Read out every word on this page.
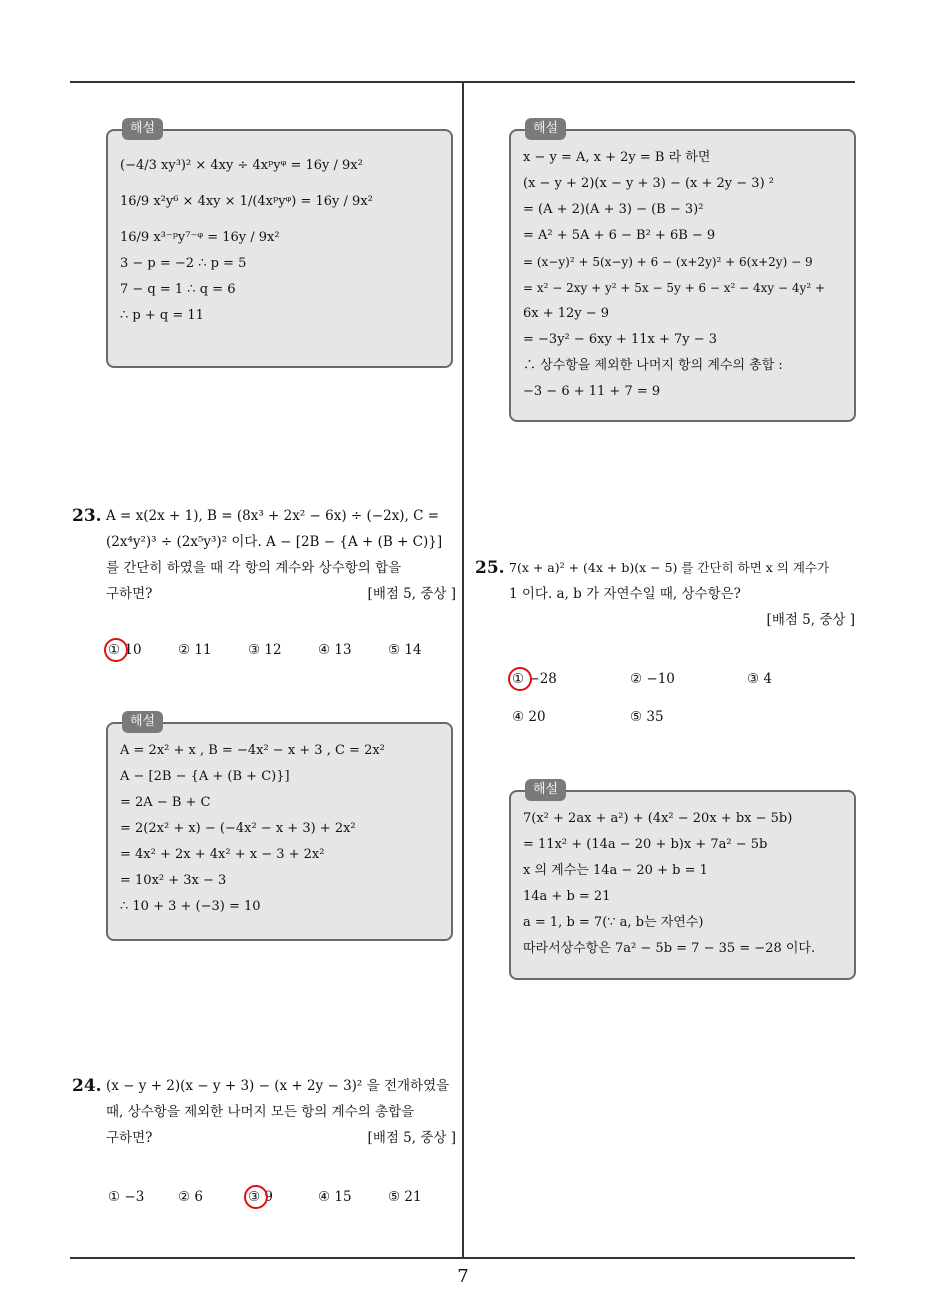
해설
(−4/3 xy³)² × 4xy ÷ 4xᵖyᵠ = 16y / 9x²
16/9 x²y⁶ × 4xy × 1/(4xᵖyᵠ) = 16y / 9x²
16/9 x³⁻ᵖy⁷⁻ᵠ = 16y / 9x²
3 − p = −2 ∴ p = 5
7 − q = 1 ∴ q = 6
∴ p + q = 11
23. A = x(2x + 1), B = (8x³ + 2x² − 6x) ÷ (−2x), C =
(2x⁴y²)³ ÷ (2x⁵y³)² 이다. A − [2B − {A + (B + C)}]
를 간단히 하였을 때 각 항의 계수와 상수항의 합을
구하면?	[배점 5, 중상 ]
① 10	② 11	③ 12	④ 13	⑤ 14
해설
A = 2x² + x , B = −4x² − x + 3 , C = 2x²
A − [2B − {A + (B + C)}]
= 2A − B + C
= 2(2x² + x) − (−4x² − x + 3) + 2x²
= 4x² + 2x + 4x² + x − 3 + 2x²
= 10x² + 3x − 3
∴ 10 + 3 + (−3) = 10
24. (x − y + 2)(x − y + 3) − (x + 2y − 3)² 을 전개하였을
때, 상수항을 제외한 나머지 모든 항의 계수의 총합을
구하면?	[배점 5, 중상 ]
① −3 ② 6	③ 9	④ 15	⑤ 21
해설
x − y = A, x + 2y = B 라 하면
(x − y + 2)(x − y + 3) − (x + 2y − 3) ²
= (A + 2)(A + 3) − (B − 3)²
= A² + 5A + 6 − B² + 6B − 9
= (x−y)² + 5(x−y) + 6 − (x+2y)² + 6(x+2y) − 9
= x² − 2xy + y² + 5x − 5y + 6 − x² − 4xy − 4y² +
6x + 12y − 9
= −3y² − 6xy + 11x + 7y − 3
∴ 상수항을 제외한 나머지 항의 계수의 총합 :
−3 − 6 + 11 + 7 = 9
25. 7(x + a)² + (4x + b)(x − 5) 를 간단히 하면 x 의 계수가
1 이다. a, b 가 자연수일 때, 상수항은?
[배점 5, 중상 ]
① −28	② −10	③ 4
④ 20	⑤ 35
해설
7(x² + 2ax + a²) + (4x² − 20x + bx − 5b)
= 11x² + (14a − 20 + b)x + 7a² − 5b
x 의 계수는 14a − 20 + b = 1
14a + b = 21
a = 1, b = 7(∵ a, b는 자연수)
따라서상수항은 7a² − 5b = 7 − 35 = −28 이다.
7
